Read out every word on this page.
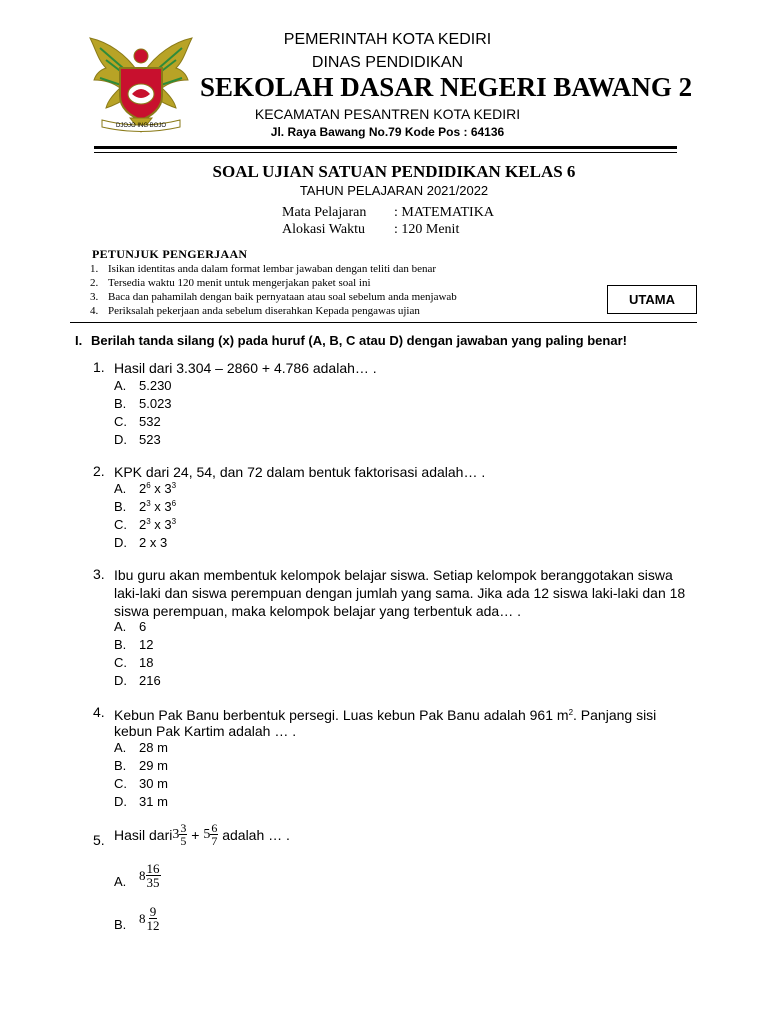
DJOJO ING BOJO
PEMERINTAH KOTA KEDIRI
DINAS PENDIDIKAN
SEKOLAH DASAR NEGERI BAWANG 2
KECAMATAN PESANTREN KOTA KEDIRI
Jl. Raya Bawang No.79 Kode Pos : 64136
SOAL UJIAN SATUAN PENDIDIKAN KELAS 6
TAHUN PELAJARAN 2021/2022
Mata Pelajaran : MATEMATIKA
Alokasi Waktu : 120 Menit
PETUNJUK PENGERJAAN
1. Isikan identitas anda dalam format lembar jawaban dengan teliti dan benar
2. Tersedia waktu 120 menit untuk mengerjakan paket soal ini
3. Baca dan pahamilah dengan baik pernyataan atau soal sebelum anda menjawab
4. Periksalah pekerjaan anda sebelum diserahkan Kepada pengawas ujian
UTAMA
I. Berilah tanda silang (x) pada huruf (A, B, C atau D) dengan jawaban yang paling benar!
1. Hasil dari 3.304 – 2860 + 4.786 adalah… .
A. 5.230
B. 5.023
C. 532
D. 523
2. KPK dari 24, 54, dan 72 dalam bentuk faktorisasi adalah… .
A. $2^6$ x $3^3$
B. $2^3$ x $3^6$
C. $2^3$ x $3^3$
D. 2 x 3
3. Ibu guru akan membentuk kelompok belajar siswa. Setiap kelompok beranggotakan siswa
laki-laki dan siswa perempuan dengan jumlah yang sama. Jika ada 12 siswa laki-laki dan 18
siswa perempuan, maka kelompok belajar yang terbentuk ada… .
A. 6
B. 12
C. 18
D. 216
4. Kebun Pak Banu berbentuk persegi. Luas kebun Pak Banu adalah 961 $m^2$. Panjang sisi
kebun Pak Kartim adalah … .
A. 28 m
B. 29 m
C. 30 m
D. 31 m
5. Hasil dari $3 \frac{3}{5} + 5 \frac{6}{7}$ adalah … .
A. $8 \frac{16}{35}$
B. $8 \frac{9}{12}$
